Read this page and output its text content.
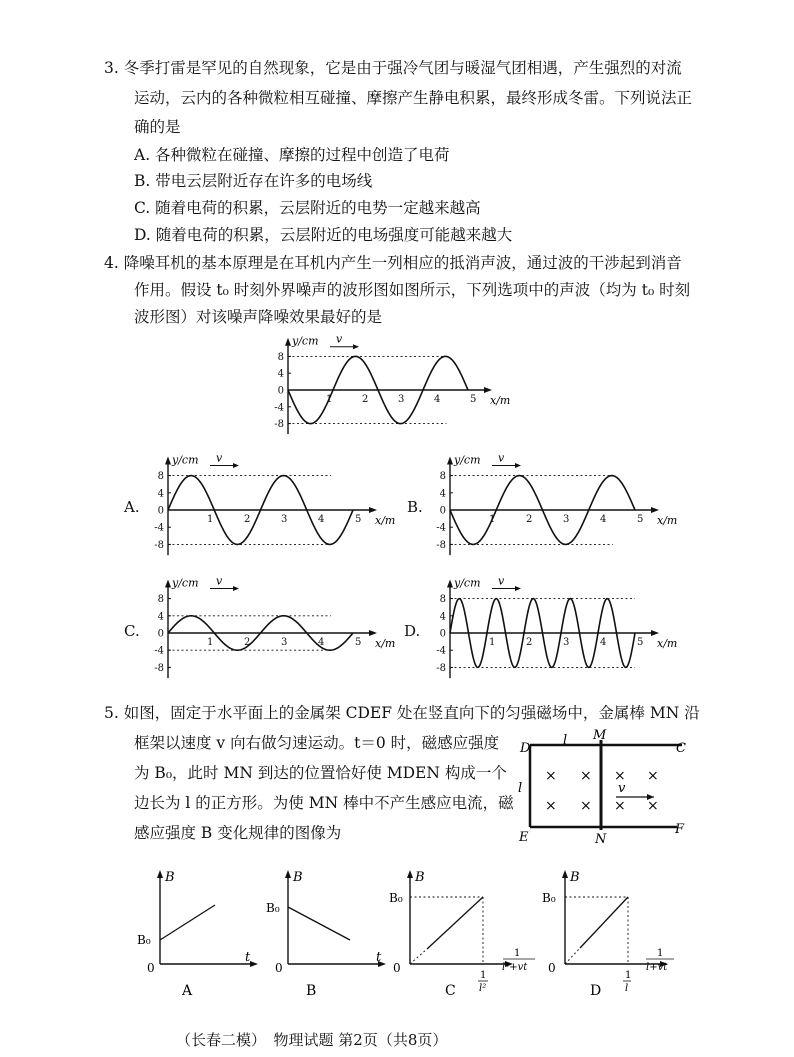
3. 冬季打雷是罕见的自然现象，它是由于强冷气团与暖湿气团相遇，产生强烈的对流
运动，云内的各种微粒相互碰撞、摩擦产生静电积累，最终形成冬雷。下列说法正
确的是
A. 各种微粒在碰撞、摩擦的过程中创造了电荷
B. 带电云层附近存在许多的电场线
C. 随着电荷的积累，云层附近的电势一定越来越高
D. 随着电荷的积累，云层附近的电场强度可能越来越大
4. 降噪耳机的基本原理是在耳机内产生一列相应的抵消声波，通过波的干涉起到消音
作用。假设 t₀ 时刻外界噪声的波形图如图所示，下列选项中的声波（均为 t₀ 时刻
波形图）对该噪声降噪效果最好的是
y/cm
x/m
v
8
4
0
-4
-8
1	2	3	4	5
A.
y/cm
x/m
v
8
4
0
-4
-8
1	2	3	4	5
B.
y/cm
x/m
v
8
4
0
-4
-8
1	2	3	4	5
C.
y/cm
x/m
v
8
4
0
-4
-8
1	2	3	4	5
D.
y/cm
x/m
v
8
4
0
-4
-8
1	2	3	4	5
5. 如图，固定于水平面上的金属架 CDEF 处在竖直向下的匀强磁场中，金属棒 MN 沿
框架以速度 v 向右做匀速运动。t＝0 时，磁感应强度
为 B₀，此时 MN 到达的位置恰好使 MDEN 构成一个
边长为 l 的正方形。为使 MN 棒中不产生感应电流，磁
感应强度 B 变化规律的图像为
D
l M
C
l
E	N
F
× ×
× ×
× ×
× ×
v
B
t
0
B₀
A
B
t
0
B₀
B
B
0
B₀
1
l²
1
l²+vt
C
B
0
B₀
1
l
1
l+vt
D
（长春二模）　物理试题 第2页（共8页）
